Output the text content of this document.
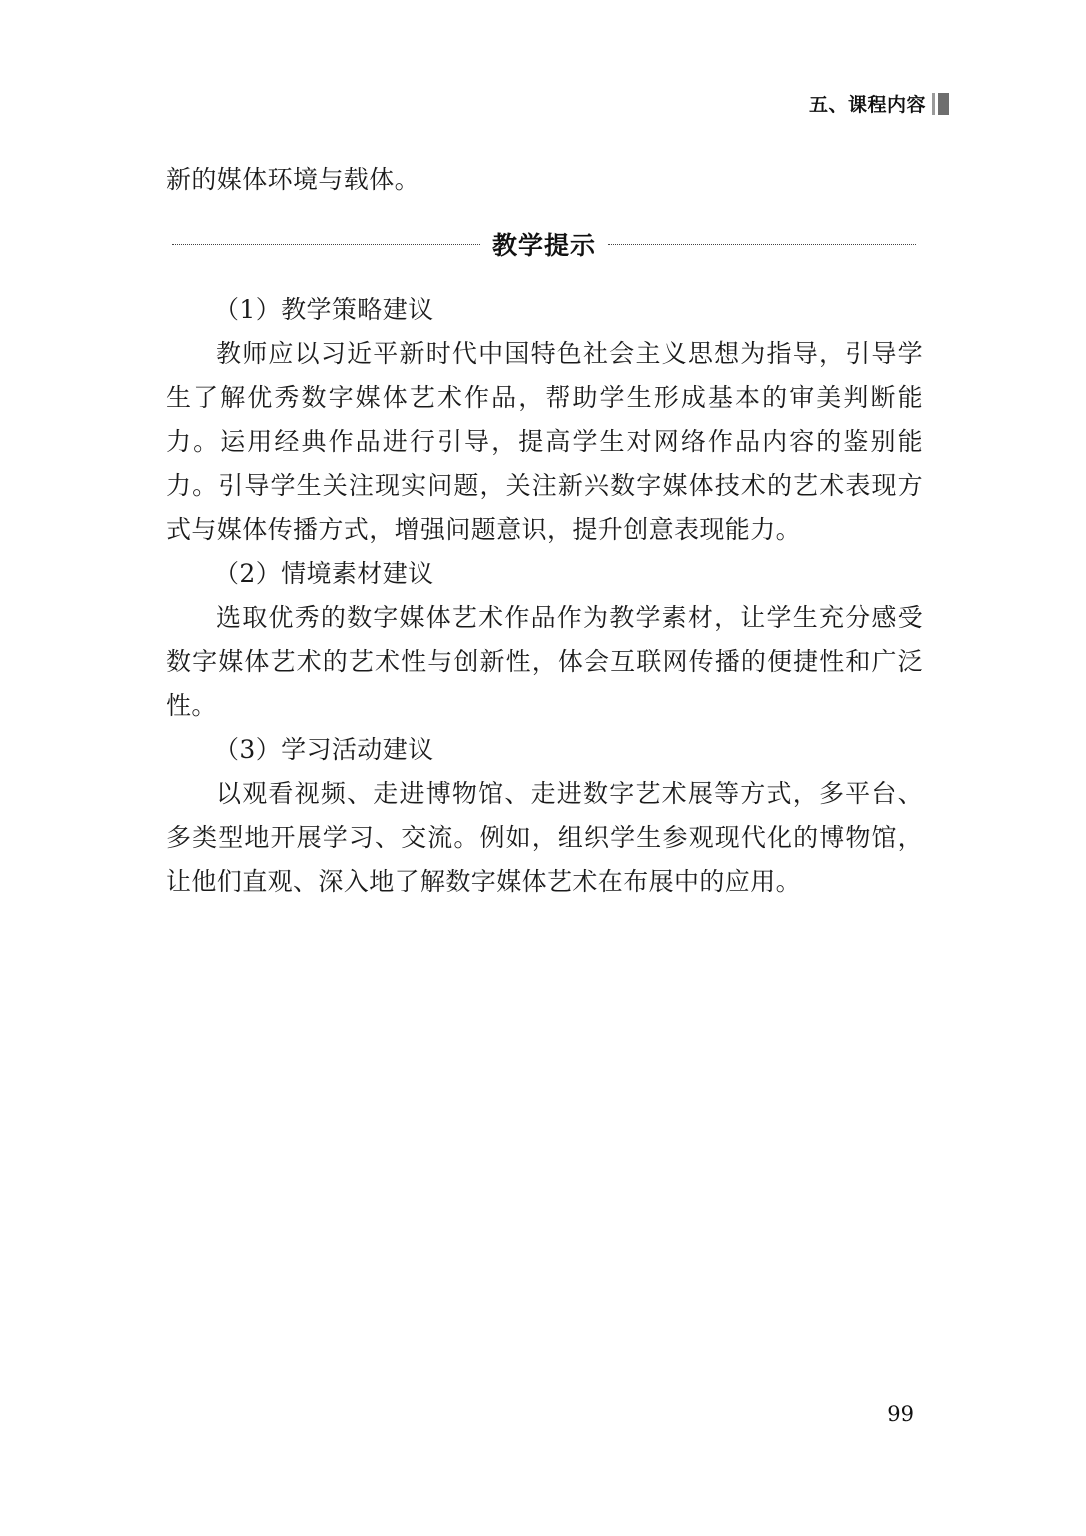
五、课程内容

新的媒体环境与载体。

教学提示

（1）教学策略建议

教师应以习近平新时代中国特色社会主义思想为指导，引导学生了解优秀数字媒体艺术作品，帮助学生形成基本的审美判断能力。运用经典作品进行引导，提高学生对网络作品内容的鉴别能力。引导学生关注现实问题，关注新兴数字媒体技术的艺术表现方式与媒体传播方式，增强问题意识，提升创意表现能力。

（2）情境素材建议

选取优秀的数字媒体艺术作品作为教学素材，让学生充分感受数字媒体艺术的艺术性与创新性，体会互联网传播的便捷性和广泛性。

（3）学习活动建议

以观看视频、走进博物馆、走进数字艺术展等方式，多平台、多类型地开展学习、交流。例如，组织学生参观现代化的博物馆，让他们直观、深入地了解数字媒体艺术在布展中的应用。

99
